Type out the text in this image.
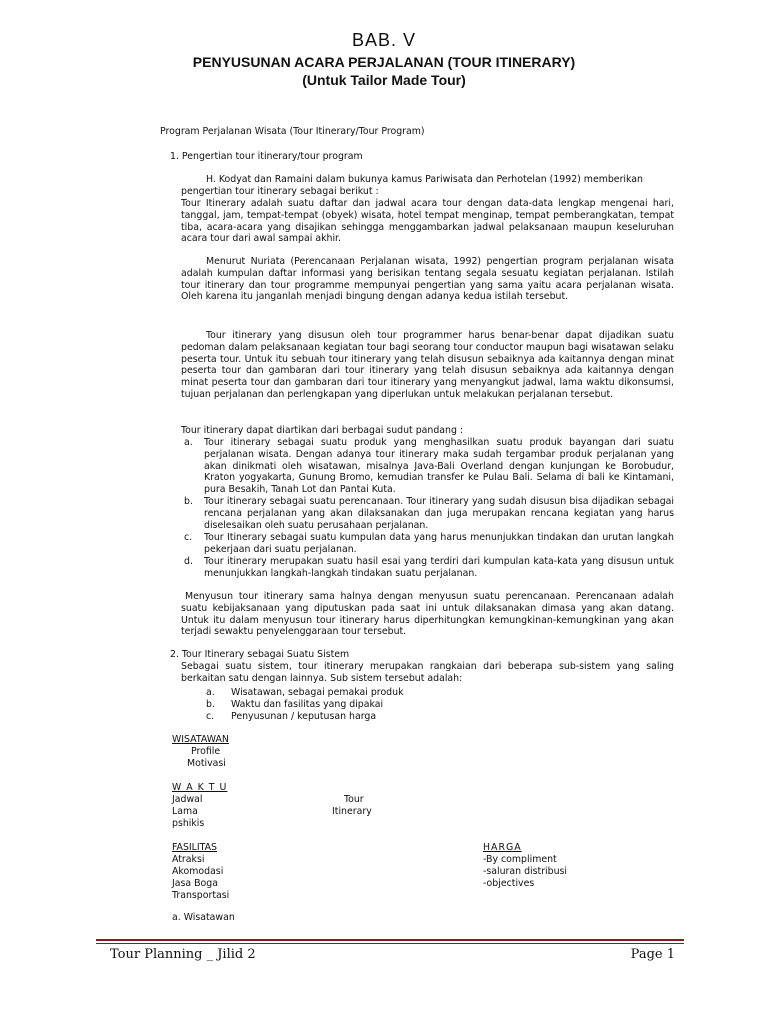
BAB. V
PENYUSUNAN ACARA PERJALANAN (TOUR ITINERARY)
(Untuk Tailor Made Tour)
Program Perjalanan Wisata (Tour Itinerary/Tour Program)
1. Pengertian tour itinerary/tour program
H. Kodyat dan Ramaini dalam bukunya kamus Pariwisata dan Perhotelan (1992) memberikan
pengertian tour itinerary sebagai berikut :
Tour Itinerary adalah suatu daftar dan jadwal acara tour dengan data-data lengkap mengenai hari, tanggal, jam, tempat-tempat (obyek) wisata, hotel tempat menginap, tempat pemberangkatan, tempat tiba, acara-acara yang disajikan sehingga menggambarkan jadwal pelaksanaan maupun keseluruhan acara tour dari awal sampai akhir.
Menurut Nuriata (Perencanaan Perjalanan wisata, 1992) pengertian program perjalanan wisata adalah kumpulan daftar informasi yang berisikan tentang segala sesuatu kegiatan perjalanan. Istilah tour itinerary dan tour programme mempunyai pengertian yang sama yaitu acara perjalanan wisata. Oleh karena itu janganlah menjadi bingung dengan adanya kedua istilah tersebut.
Tour itinerary yang disusun oleh tour programmer harus benar-benar dapat dijadikan suatu pedoman dalam pelaksanaan kegiatan tour bagi seorang tour conductor maupun bagi wisatawan selaku peserta tour. Untuk itu sebuah tour itinerary yang telah disusun sebaiknya ada kaitannya dengan minat peserta tour dan gambaran dari tour itinerary yang telah disusun sebaiknya ada kaitannya dengan minat peserta tour dan gambaran dari tour itinerary yang menyangkut jadwal, lama waktu dikonsumsi, tujuan perjalanan dan perlengkapan yang diperlukan untuk melakukan perjalanan tersebut.
Tour itinerary dapat diartikan dari berbagai sudut pandang :
a. Tour itinerary sebagai suatu produk yang menghasilkan suatu produk bayangan dari suatu perjalanan wisata. Dengan adanya tour itinerary maka sudah tergambar produk perjalanan yang akan dinikmati oleh wisatawan, misalnya Java-Bali Overland dengan kunjungan ke Borobudur, Kraton yogyakarta, Gunung Bromo, kemudian transfer ke Pulau Bali. Selama di bali ke Kintamani, pura Besakih, Tanah Lot dan Pantai Kuta.
b. Tour itinerary sebagai suatu perencanaan. Tour itinerary yang sudah disusun bisa dijadikan sebagai rencana perjalanan yang akan dilaksanakan dan juga merupakan rencana kegiatan yang harus diselesaikan oleh suatu perusahaan perjalanan.
c. Tour Itinerary sebagai suatu kumpulan data yang harus menunjukkan tindakan dan urutan langkah pekerjaan dari suatu perjalanan.
d. Tour itinerary merupakan suatu hasil esai yang terdiri dari kumpulan kata-kata yang disusun untuk menunjukkan langkah-langkah tindakan suatu perjalanan.
Menyusun tour itinerary sama halnya dengan menyusun suatu perencanaan. Perencanaan adalah suatu kebijaksanaan yang diputuskan pada saat ini untuk dilaksanakan dimasa yang akan datang. Untuk itu dalam menyusun tour itinerary harus diperhitungkan kemungkinan-kemungkinan yang akan terjadi sewaktu penyelenggaraan tour tersebut.
2. Tour Itinerary sebagai Suatu Sistem
Sebagai suatu sistem, tour itinerary merupakan rangkaian dari beberapa sub-sistem yang saling berkaitan satu dengan lainnya. Sub sistem tersebut adalah:
a. Wisatawan, sebagai pemakai produk
b. Waktu dan fasilitas yang dipakai
c. Penyusunan / keputusan harga
WISATAWAN
Profile
Motivasi
W A K T U
Jadwal
Lama
pshikis
Tour
Itinerary
FASILITAS
Atraksi
Akomodasi
Jasa Boga
Transportasi
HARGA
-By compliment
-saluran distribusi
-objectives
a. Wisatawan
Tour Planning _ Jilid 2	Page 1
